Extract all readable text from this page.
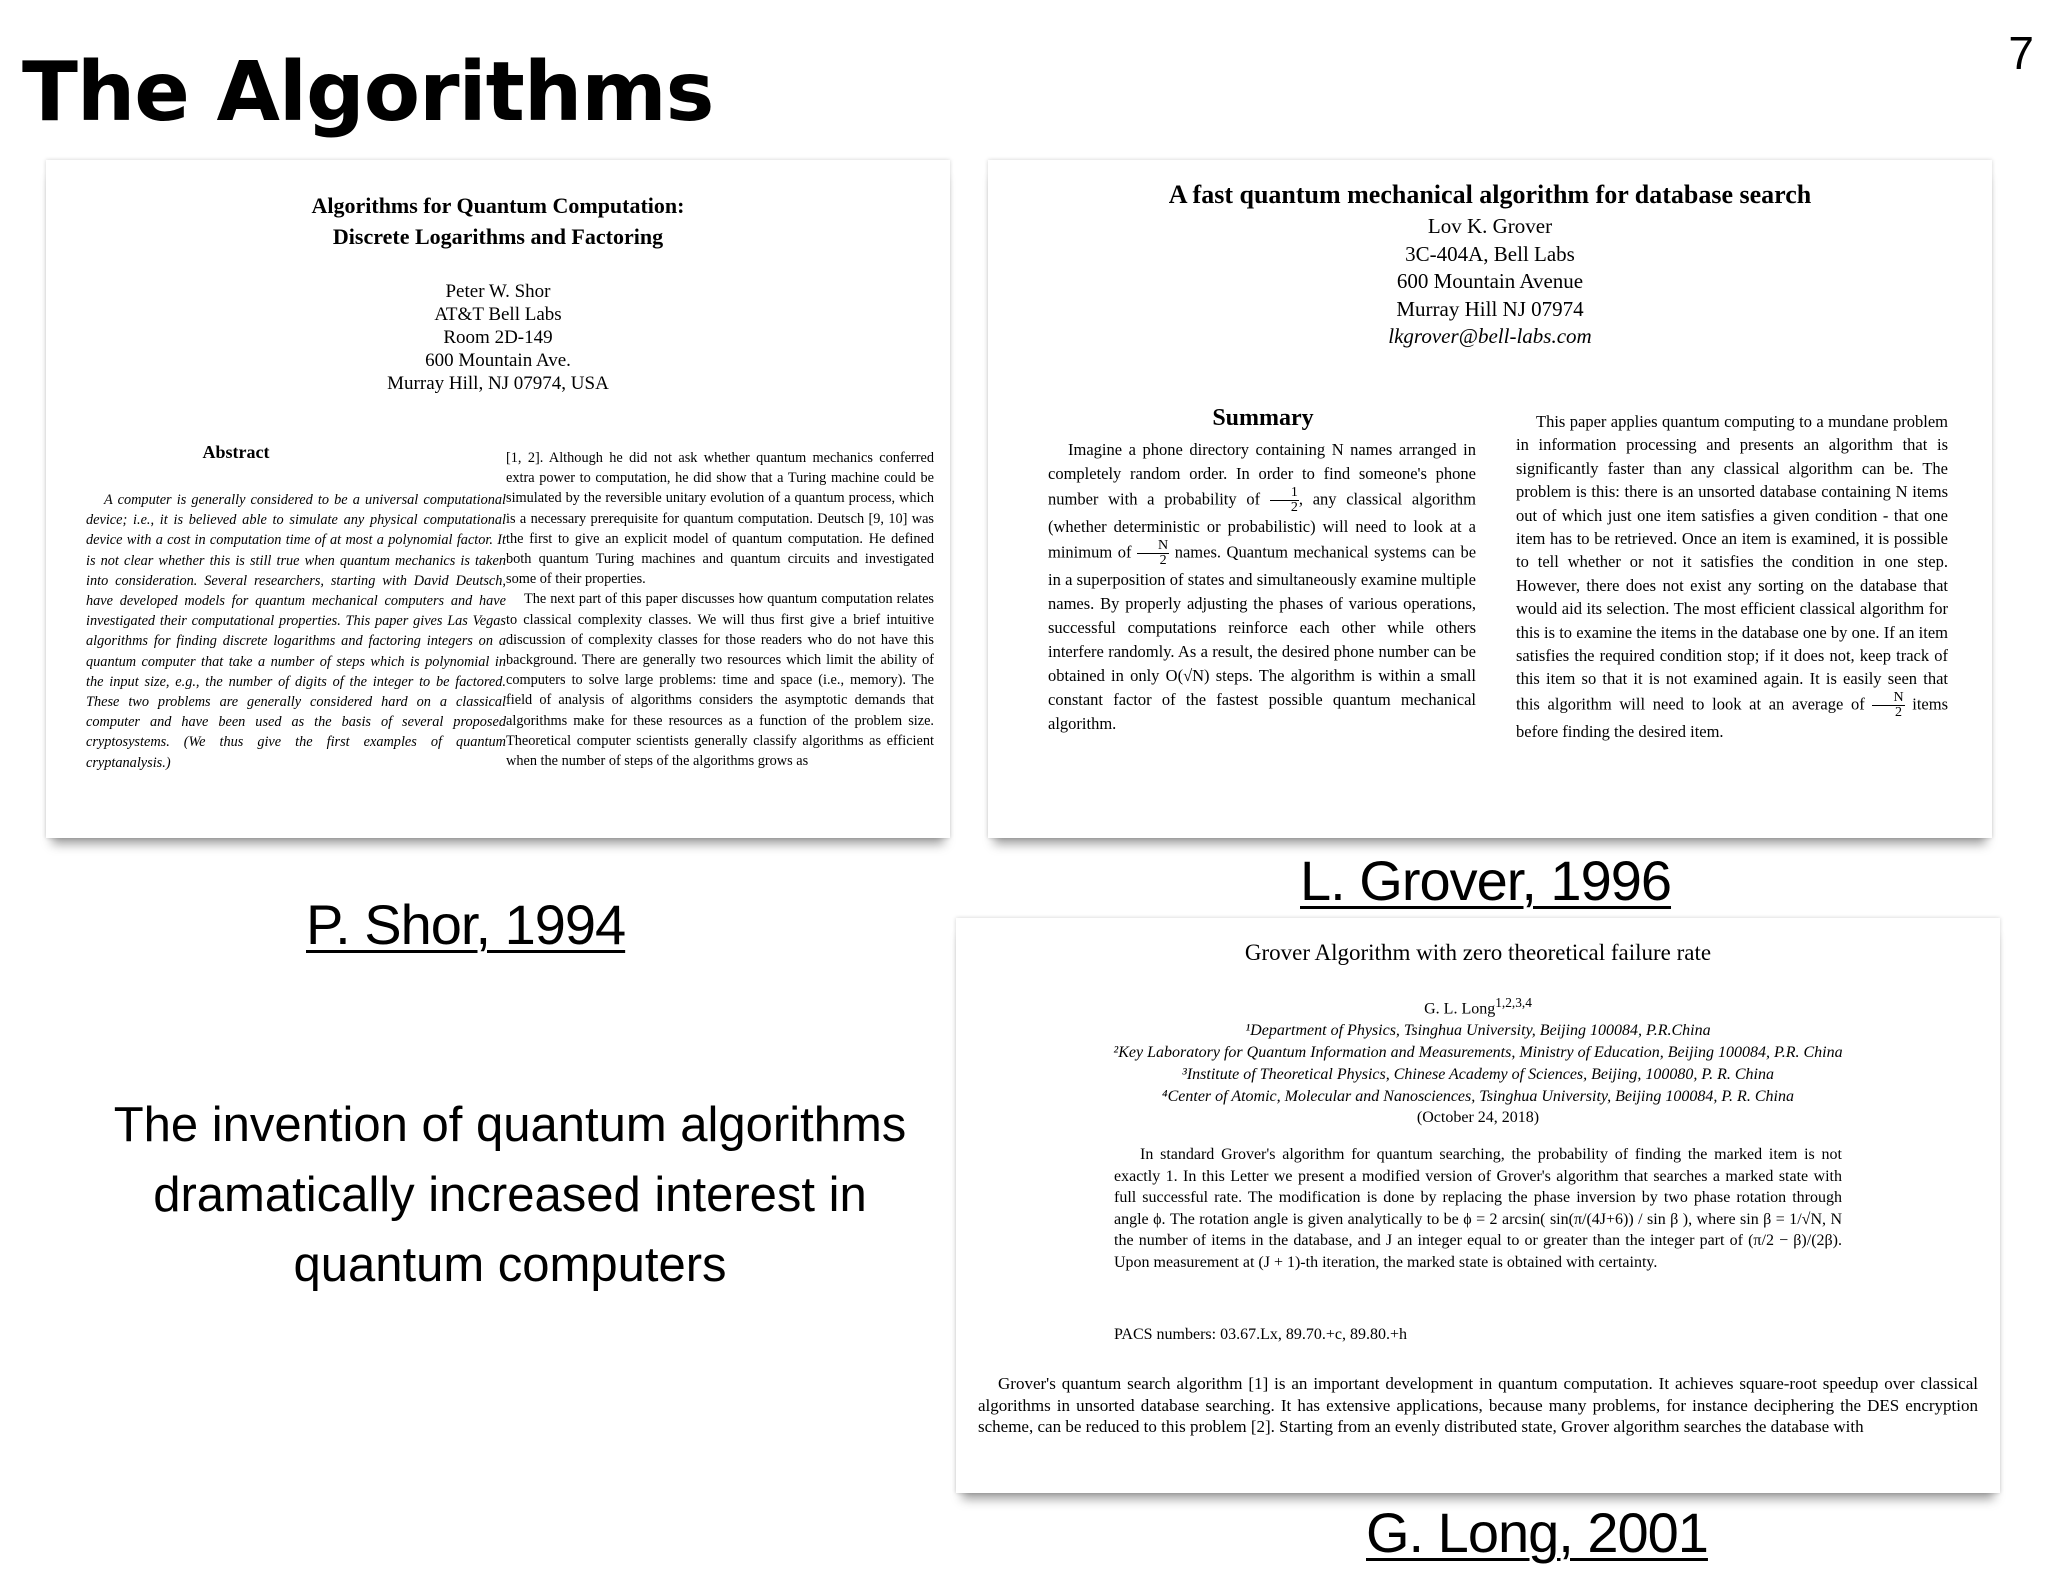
The Algorithms	7
Algorithms for Quantum Computation:
Discrete Logarithms and Factoring
Peter W. Shor
AT&T Bell Labs
Room 2D-149
600 Mountain Ave.
Murray Hill, NJ 07974, USA
Abstract

A computer is generally considered to be a universal computational device; i.e., it is believed able to simulate any physical computational device with a cost in computation time of at most a polynomial factor. It is not clear whether this is still true when quantum mechanics is taken into consideration. Several researchers, starting with David Deutsch, have developed models for quantum mechanical computers and have investigated their computational properties. This paper gives Las Vegas algorithms for finding discrete logarithms and factoring integers on a quantum computer that take a number of steps which is polynomial in the input size, e.g., the number of digits of the integer to be factored. These two problems are generally considered hard on a classical computer and have been used as the basis of several proposed cryptosystems. (We thus give the first examples of quantum cryptanalysis.)

[1, 2]. Although he did not ask whether quantum mechanics conferred extra power to computation, he did show that a Turing machine could be simulated by the reversible unitary evolution of a quantum process, which is a necessary prerequisite for quantum computation. Deutsch [9, 10] was the first to give an explicit model of quantum computation. He defined both quantum Turing machines and quantum circuits and investigated some of their properties.

The next part of this paper discusses how quantum computation relates to classical complexity classes. We will thus first give a brief intuitive discussion of complexity classes for those readers who do not have this background. There are generally two resources which limit the ability of computers to solve large problems: time and space (i.e., memory). The field of analysis of algorithms considers the asymptotic demands that algorithms make for these resources as a function of the problem size. Theoretical computer scientists generally classify algorithms as efficient when the number of steps of the algorithms grows as

P. Shor, 1994

A fast quantum mechanical algorithm for database search
Lov K. Grover
3C-404A, Bell Labs
600 Mountain Avenue
Murray Hill NJ 07974
lkgrover@bell-labs.com
Summary

Imagine a phone directory containing N names arranged in completely random order. In order to find someone's phone number with a probability of $\frac{1}{2}$ , any classical algorithm (whether deterministic or probabilistic) will need to look at a minimum of $\frac{N}{2}$ names. Quantum mechanical systems can be in a superposition of states and simultaneously examine multiple names. By properly adjusting the phases of various operations, successful computations reinforce each other while others interfere randomly. As a result, the desired phone number can be obtained in only O(√N) steps. The algorithm is within a small constant factor of the fastest possible quantum mechanical algorithm.

This paper applies quantum computing to a mundane problem in information processing and presents an algorithm that is significantly faster than any classical algorithm can be. The problem is this: there is an unsorted database containing N items out of which just one item satisfies a given condition - that one item has to be retrieved. Once an item is examined, it is possible to tell whether or not it satisfies the condition in one step. However, there does not exist any sorting on the database that would aid its selection. The most efficient classical algorithm for this is to examine the items in the database one by one. If an item satisfies the required condition stop; if it does not, keep track of this item so that it is not examined again. It is easily seen that this algorithm will need to look at an average of $\frac{N}{2}$ items before finding the desired item.

L. Grover, 1996

The invention of quantum algorithms dramatically increased interest in quantum computers

Grover Algorithm with zero theoretical failure rate
G. L. Long$^{1,2,3,4}$
¹Department of Physics, Tsinghua University, Beijing 100084, P.R.China
²Key Laboratory for Quantum Information and Measurements, Ministry of Education, Beijing 100084, P.R. China
³Institute of Theoretical Physics, Chinese Academy of Sciences, Beijing, 100080, P. R. China
⁴Center of Atomic, Molecular and Nanosciences, Tsinghua University, Beijing 100084, P. R. China
(October 24, 2018)

In standard Grover's algorithm for quantum searching, the probability of finding the marked item is not exactly 1. In this Letter we present a modified version of Grover's algorithm that searches a marked state with full successful rate. The modification is done by replacing the phase inversion by two phase rotation through angle ϕ. The rotation angle is given analytically to be ϕ = 2 arcsin( sin(π/(4J+6)) / sin β ), where sin β = 1/√N, N the number of items in the database, and J an integer equal to or greater than the integer part of (π/2 − β)/(2β). Upon measurement at (J + 1)-th iteration, the marked state is obtained with certainty.

PACS numbers: 03.67.Lx, 89.70.+c, 89.80.+h

Grover's quantum search algorithm [1] is an important development in quantum computation. It achieves square-root speedup over classical algorithms in unsorted database searching. It has extensive applications, because many problems, for instance deciphering the DES encryption scheme, can be reduced to this problem [2]. Starting from an evenly distributed state, Grover algorithm searches the database with

G. Long, 2001
